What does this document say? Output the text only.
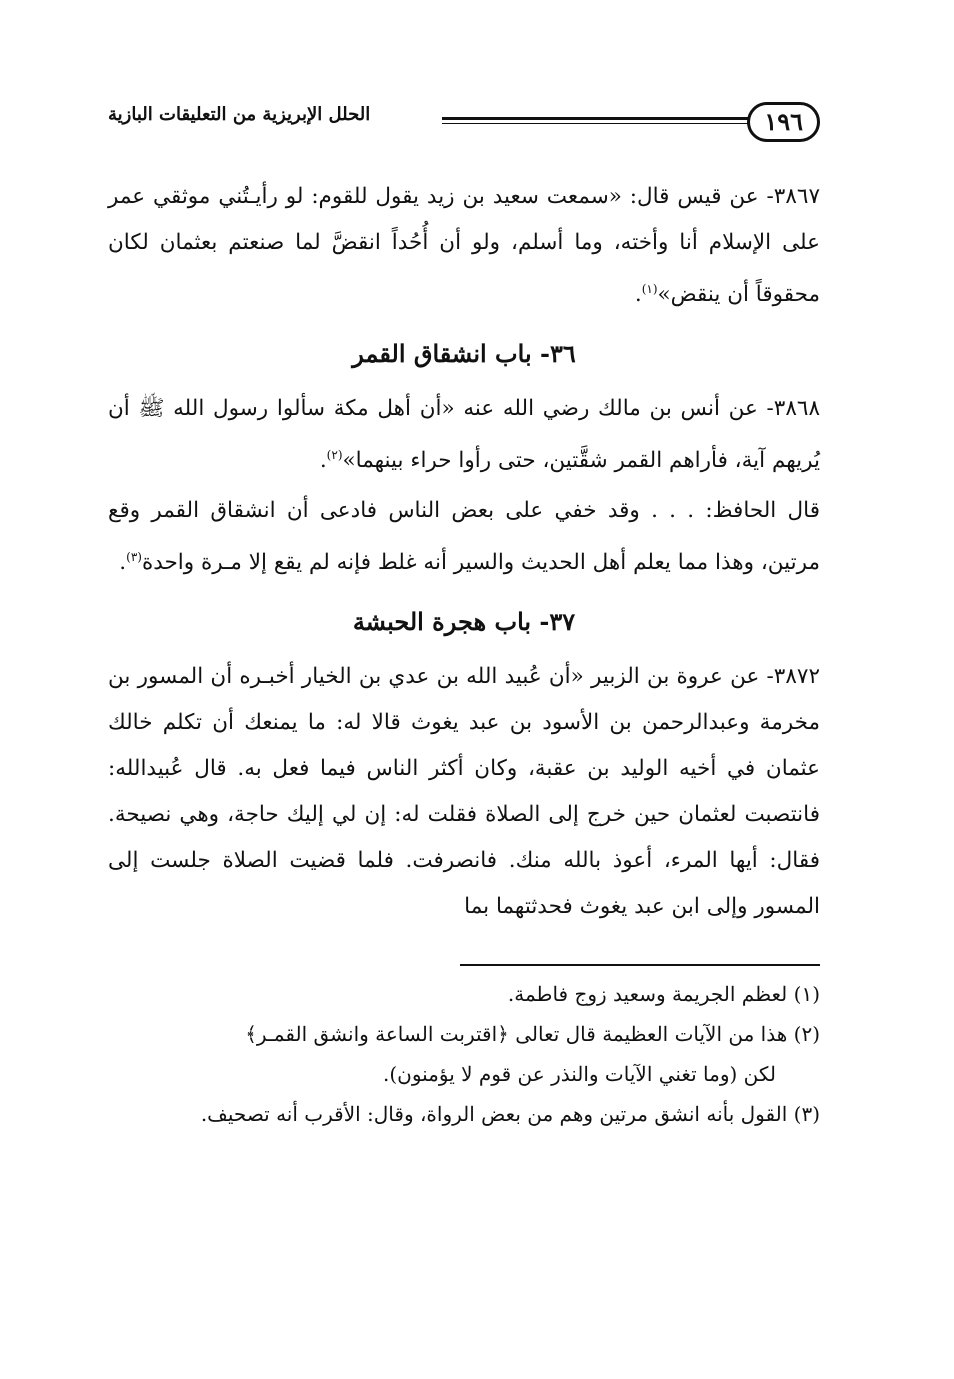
١٩٦
الحلل الإبريزية من التعليقات البازية

٣٨٦٧- عن قيس قال: «سمعت سعيد بن زيد يقول للقوم: لو رأيـتُني موثقي عمر على الإسلام أنا وأخته، وما أسلم، ولو أن أُحُداً انقضَّ لما صنعتم بعثمان لكان محقوقاً أن ينقض»$^{(١)}$.

٣٦- باب انشقاق القمر

٣٨٦٨- عن أنس بن مالك رضي الله عنه «أن أهل مكة سألوا رسول الله ﷺ أن يُريهم آية، فأراهم القمر شقَّتين، حتى رأوا حراء بينهما»$^{(٢)}$.

قال الحافظ: . . . وقد خفي على بعض الناس فادعى أن انشقاق القمر وقع مرتين، وهذا مما يعلم أهل الحديث والسير أنه غلط فإنه لم يقع إلا مـرة واحدة$^{(٣)}$.

٣٧- باب هجرة الحبشة

٣٨٧٢- عن عروة بن الزبير «أن عُبيد الله بن عدي بن الخيار أخبـره أن المسور بن مخرمة وعبدالرحمن بن الأسود بن عبد يغوث قالا له: ما يمنعك أن تكلم خالك عثمان في أخيه الوليد بن عقبة، وكان أكثر الناس فيما فعل به. قال عُبيدالله: فانتصبت لعثمان حين خرج إلى الصلاة فقلت له: إن لي إليك حاجة، وهي نصيحة. فقال: أيها المرء، أعوذ بالله منك. فانصرفت. فلما قضيت الصلاة جلست إلى المسور وإلى ابن عبد يغوث فحدثتهما بما

(١) لعظم الجريمة وسعيد زوج فاطمة.

(٢) هذا من الآيات العظيمة قال تعالى ﴿اقتربت الساعة وانشق القمـر﴾

لكن (وما تغني الآيات والنذر عن قوم لا يؤمنون).

(٣) القول بأنه انشق مرتين وهم من بعض الرواة، وقال: الأقرب أنه تصحيف.
